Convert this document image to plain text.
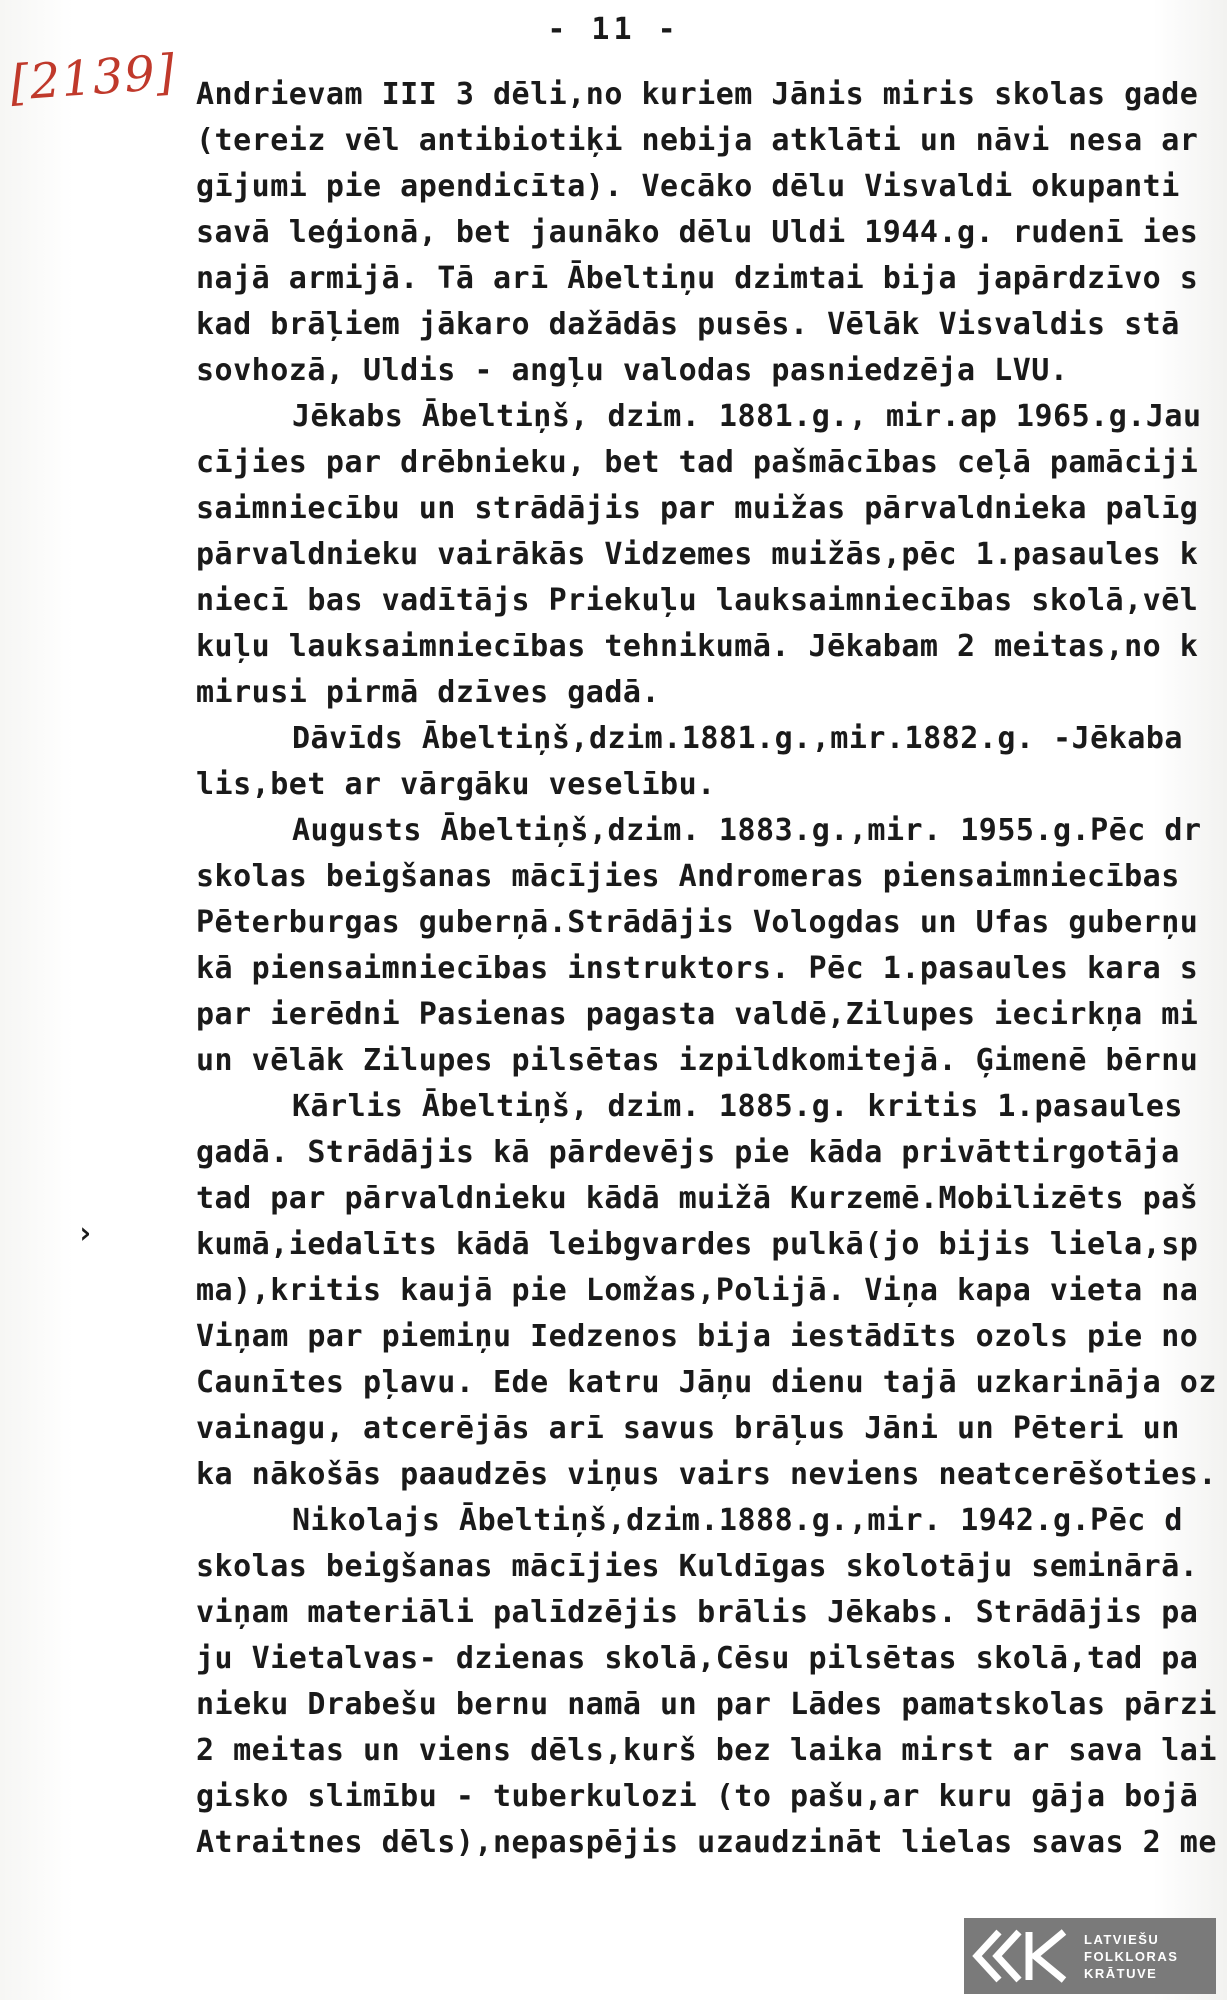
- 11 -
[2139]
›
Andrievam III 3 dēli,no kuriem Jānis miris skolas gade
(tereiz vēl antibiotiķi nebija atklāti un nāvi nesa ar
gījumi pie apendicīta). Vecāko dēlu Visvaldi okupanti
savā leģionā, bet jaunāko dēlu Uldi 1944.g. rudenī ies
najā armijā. Tā arī Ābeltiņu dzimtai bija japārdzīvo s
kad brāļiem jākaro dažādās pusēs. Vēlāk Visvaldis stā
sovhozā, Uldis - angļu valodas pasniedzēja LVU.
Jēkabs Ābeltiņš, dzim. 1881.g., mir.ap 1965.g.Jau
cījies par drēbnieku, bet tad pašmācības ceļā pamāciji
saimniecību un strādājis par muižas pārvaldnieka palīg
pārvaldnieku vairākās Vidzemes muižās,pēc 1.pasaules k
niecī bas vadītājs Priekuļu lauksaimniecības skolā,vēl
kuļu lauksaimniecības tehnikumā. Jēkabam 2 meitas,no k
mirusi pirmā dzīves gadā.
Dāvīds Ābeltiņš,dzim.1881.g.,mir.1882.g. -Jēkaba
lis,bet ar vārgāku veselību.
Augusts Ābeltiņš,dzim. 1883.g.,mir. 1955.g.Pēc dr
skolas beigšanas mācījies Andromeras piensaimniecības
Pēterburgas guberņā.Strādājis Vologdas un Ufas guberņu
kā piensaimniecības instruktors. Pēc 1.pasaules kara s
par ierēdni Pasienas pagasta valdē,Zilupes iecirkņa mi
un vēlāk Zilupes pilsētas izpildkomitejā. Ģimenē bērnu
Kārlis Ābeltiņš, dzim. 1885.g. kritis 1.pasaules
gadā. Strādājis kā pārdevējs pie kāda privāttirgotāja
tad par pārvaldnieku kādā muižā Kurzemē.Mobilizēts paš
kumā,iedalīts kādā leibgvardes pulkā(jo bijis liela,sp
ma),kritis kaujā pie Lomžas,Polijā. Viņa kapa vieta na
Viņam par piemiņu Iedzenos bija iestādīts ozols pie no
Caunītes pļavu. Ede katru Jāņu dienu tajā uzkarināja oz
vainagu, atcerējās arī savus brāļus Jāni un Pēteri un
ka nākošās paaudzēs viņus vairs neviens neatcerēšoties.
Nikolajs Ābeltiņš,dzim.1888.g.,mir. 1942.g.Pēc d
skolas beigšanas mācījies Kuldīgas skolotāju seminārā.
viņam materiāli palīdzējis brālis Jēkabs. Strādājis pa
ju Vietalvas- dzienas skolā,Cēsu pilsētas skolā,tad pa
nieku Drabešu bernu namā un par Lādes pamatskolas pārzi
2 meitas un viens dēls,kurš bez laika mirst ar sava lai
gisko slimību - tuberkulozi (to pašu,ar kuru gāja bojā
Atraitnes dēls),nepaspējis uzaudzināt lielas savas 2 me
LATVIEŠU
FOLKLORAS
KRĀTUVE
